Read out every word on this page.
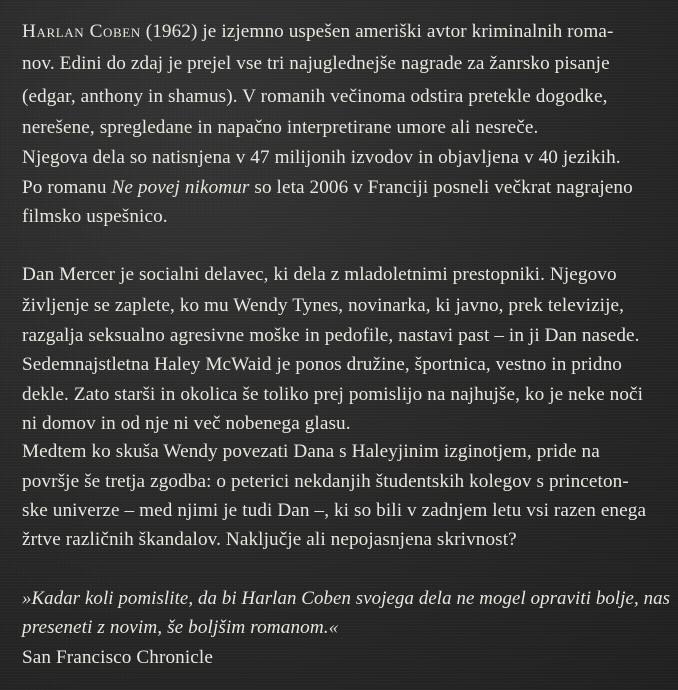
Harlan Coben (1962) je izjemno uspešen ameriški avtor kriminalnih roma-
nov. Edini do zdaj je prejel vse tri najuglednejše nagrade za žanrsko pisanje
(edgar, anthony in shamus). V romanih večinoma odstira pretekle dogodke,
nerešene, spregledane in napačno interpretirane umore ali nesreče.
Njegova dela so natisnjena v 47 milijonih izvodov in objavljena v 40 jezikih.
Po romanu Ne povej nikomur so leta 2006 v Franciji posneli večkrat nagrajeno
filmsko uspešnico.
Dan Mercer je socialni delavec, ki dela z mladoletnimi prestopniki. Njegovo
življenje se zaplete, ko mu Wendy Tynes, novinarka, ki javno, prek televizije,
razgalja seksualno agresivne moške in pedofile, nastavi past – in ji Dan nasede.
Sedemnajstletna Haley McWaid je ponos družine, športnica, vestno in pridno
dekle. Zato starši in okolica še toliko prej pomislijo na najhujše, ko je neke noči
ni domov in od nje ni več nobenega glasu.
Medtem ko skuša Wendy povezati Dana s Haleyjinim izginotjem, pride na
površje še tretja zgodba: o peterici nekdanjih študentskih kolegov s princeton-
ske univerze – med njimi je tudi Dan –, ki so bili v zadnjem letu vsi razen enega
žrtve različnih škandalov. Naključje ali nepojasnjena skrivnost?
»Kadar koli pomislite, da bi Harlan Coben svojega dela ne mogel opraviti bolje, nas
preseneti z novim, še boljšim romanom.«
San Francisco Chronicle
